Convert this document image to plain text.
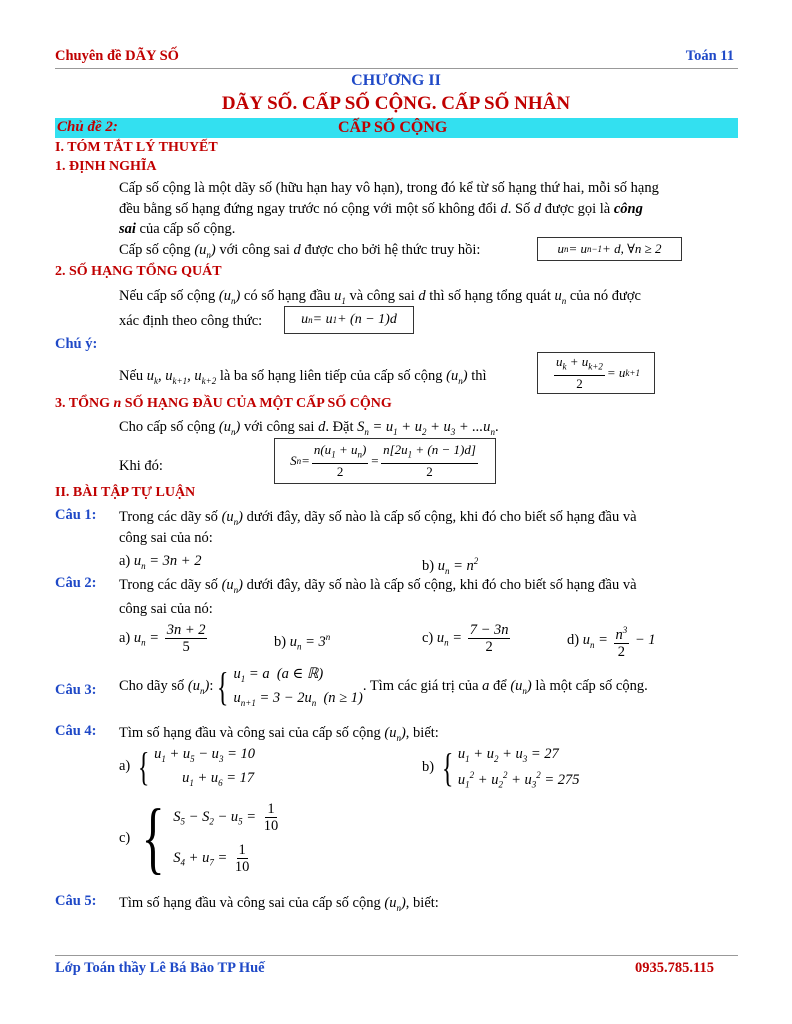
Chuyên đề DÃY SỐ	Toán 11
CHƯƠNG II
DÃY SỐ. CẤP SỐ CỘNG. CẤP SỐ NHÂN
Chủ đề 2:	CẤP SỐ CỘNG
I. TÓM TẮT LÝ THUYẾT
1. ĐỊNH NGHĨA
Cấp số cộng là một dãy số (hữu hạn hay vô hạn), trong đó kể từ số hạng thứ hai, mỗi số hạng
đều bằng số hạng đứng ngay trước nó cộng với một số không đổi d. Số d được gọi là công
sai của cấp số cộng.
Cấp số cộng $(u_n)$ với công sai d được cho bởi hệ thức truy hồi:	u n = u n−1 + d, ∀n ≥ 2
2. SỐ HẠNG TỔNG QUÁT
Nếu cấp số cộng $(u_n)$ có số hạng đầu $u_1$ và công sai d thì số hạng tổng quát $u_n$ của nó được
xác định theo công thức:	u n = u 1 + (n − 1)d
Chú ý:
Nếu $u_k$, $u_{k+1}$, $u_{k+2}$ là ba số hạng liên tiếp của cấp số cộng $(u_n)$ thì	$\frac{u_k + u_{k+2}}{2} = u$ k+1
3. TỔNG n SỐ HẠNG ĐẦU CỦA MỘT CẤP SỐ CỘNG
Cho cấp số cộng $(u_n)$ với công sai d. Đặt $S_n = u_1 + u_2 + u_3 + ...u_n$.
Khi đó:	S $n = \frac{n(u_1 + u_n)}{2} = \frac{n[2u_1 + (n - 1)d]}{2}$
II. BÀI TẬP TỰ LUẬN
Câu 1: Trong các dãy số $(u_n)$ dưới đây, dãy số nào là cấp số cộng, khi đó cho biết số hạng đầu và
công sai của nó:
a) $u_n = 3n + 2$	b) $u_n = n^2$
Câu 2: Trong các dãy số $(u_n)$ dưới đây, dãy số nào là cấp số cộng, khi đó cho biết số hạng đầu và
công sai của nó:
a) $u_n = \frac{3n + 2}{5}$	b) $u_n = 3^n$	c) $u_n = \frac{7 - 3n}{2}$	d) $u_n = \frac{n^3}{2} - 1$
Câu 3: Cho dãy số
$(u_n)$ : { $u_1 = a$  (a ∈ ℝ)
$u_{n+1} = 3 - 2u_n$  (n ≥ 1)
. Tìm các giá trị của
a
để
$(u_n)$
là một cấp số cộng.
Câu 4: Tìm số hạng đầu và công sai của cấp số cộng $(u_n)$, biết:
a) { $u_1 + u_5 - u_3 = 10$
$u_1 + u_6 = 17$
b) { $u_1 + u_2 + u_3 = 27$
$u_1^2 + u_2^2 + u_3^2 = 275$
c) { $S_5 - S_2 - u_5 = \frac{1}{10}$
$S_4 + u_7 = \frac{1}{10}$
Câu 5: Tìm số hạng đầu và công sai của cấp số cộng $(u_n)$, biết:
Lớp Toán thầy Lê Bá Bảo TP Huế	0935.785.115
